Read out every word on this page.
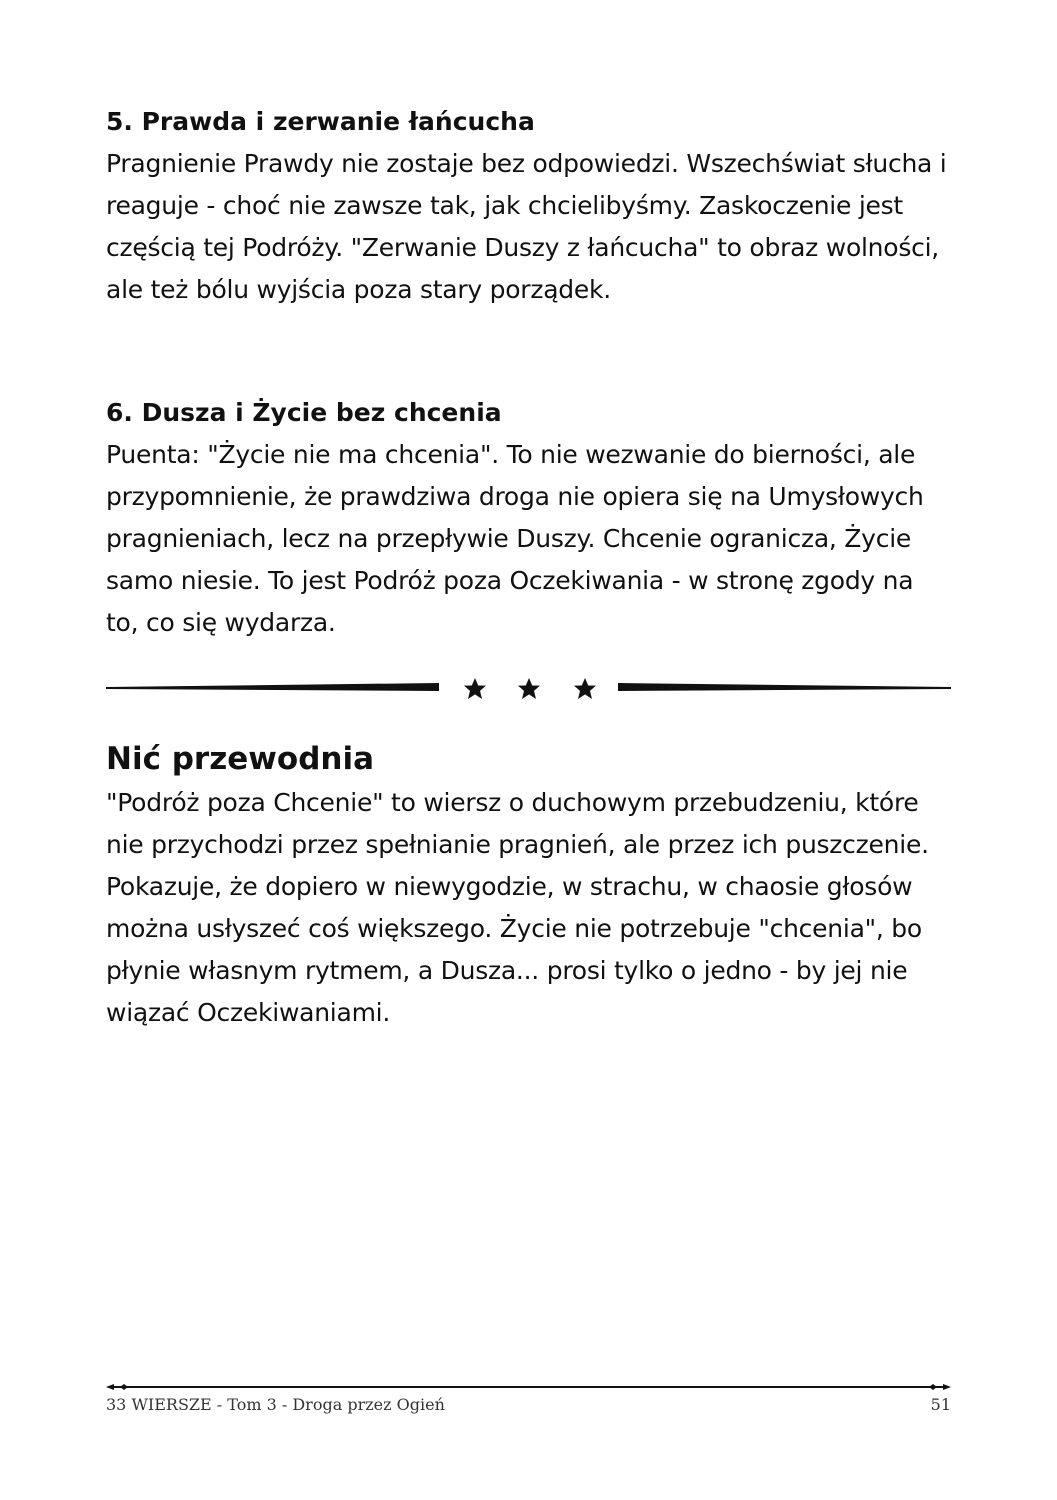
5. Prawda i zerwanie łańcucha

Pragnienie Prawdy nie zostaje bez odpowiedzi. Wszechświat słucha i reaguje - choć nie zawsze tak, jak chcielibyśmy. Zaskoczenie jest częścią tej Podróży. "Zerwanie Duszy z łańcucha" to obraz wolności, ale też bólu wyjścia poza stary porządek.

6. Dusza i Życie bez chcenia

Puenta: "Życie nie ma chcenia". To nie wezwanie do bierności, ale przypomnienie, że prawdziwa droga nie opiera się na Umysłowych pragnieniach, lecz na przepływie Duszy. Chcenie ogranicza, Życie samo niesie. To jest Podróż poza Oczekiwania - w stronę zgody na to, co się wydarza.

Nić przewodnia

"Podróż poza Chcenie" to wiersz o duchowym przebudzeniu, które nie przychodzi przez spełnianie pragnień, ale przez ich puszczenie. Pokazuje, że dopiero w niewygodzie, w strachu, w chaosie głosów można usłyszeć coś większego. Życie nie potrzebuje "chcenia", bo płynie własnym rytmem, a Dusza... prosi tylko o jedno - by jej nie wiązać Oczekiwaniami.

33 WIERSZE - Tom 3 - Droga przez Ogień	51
